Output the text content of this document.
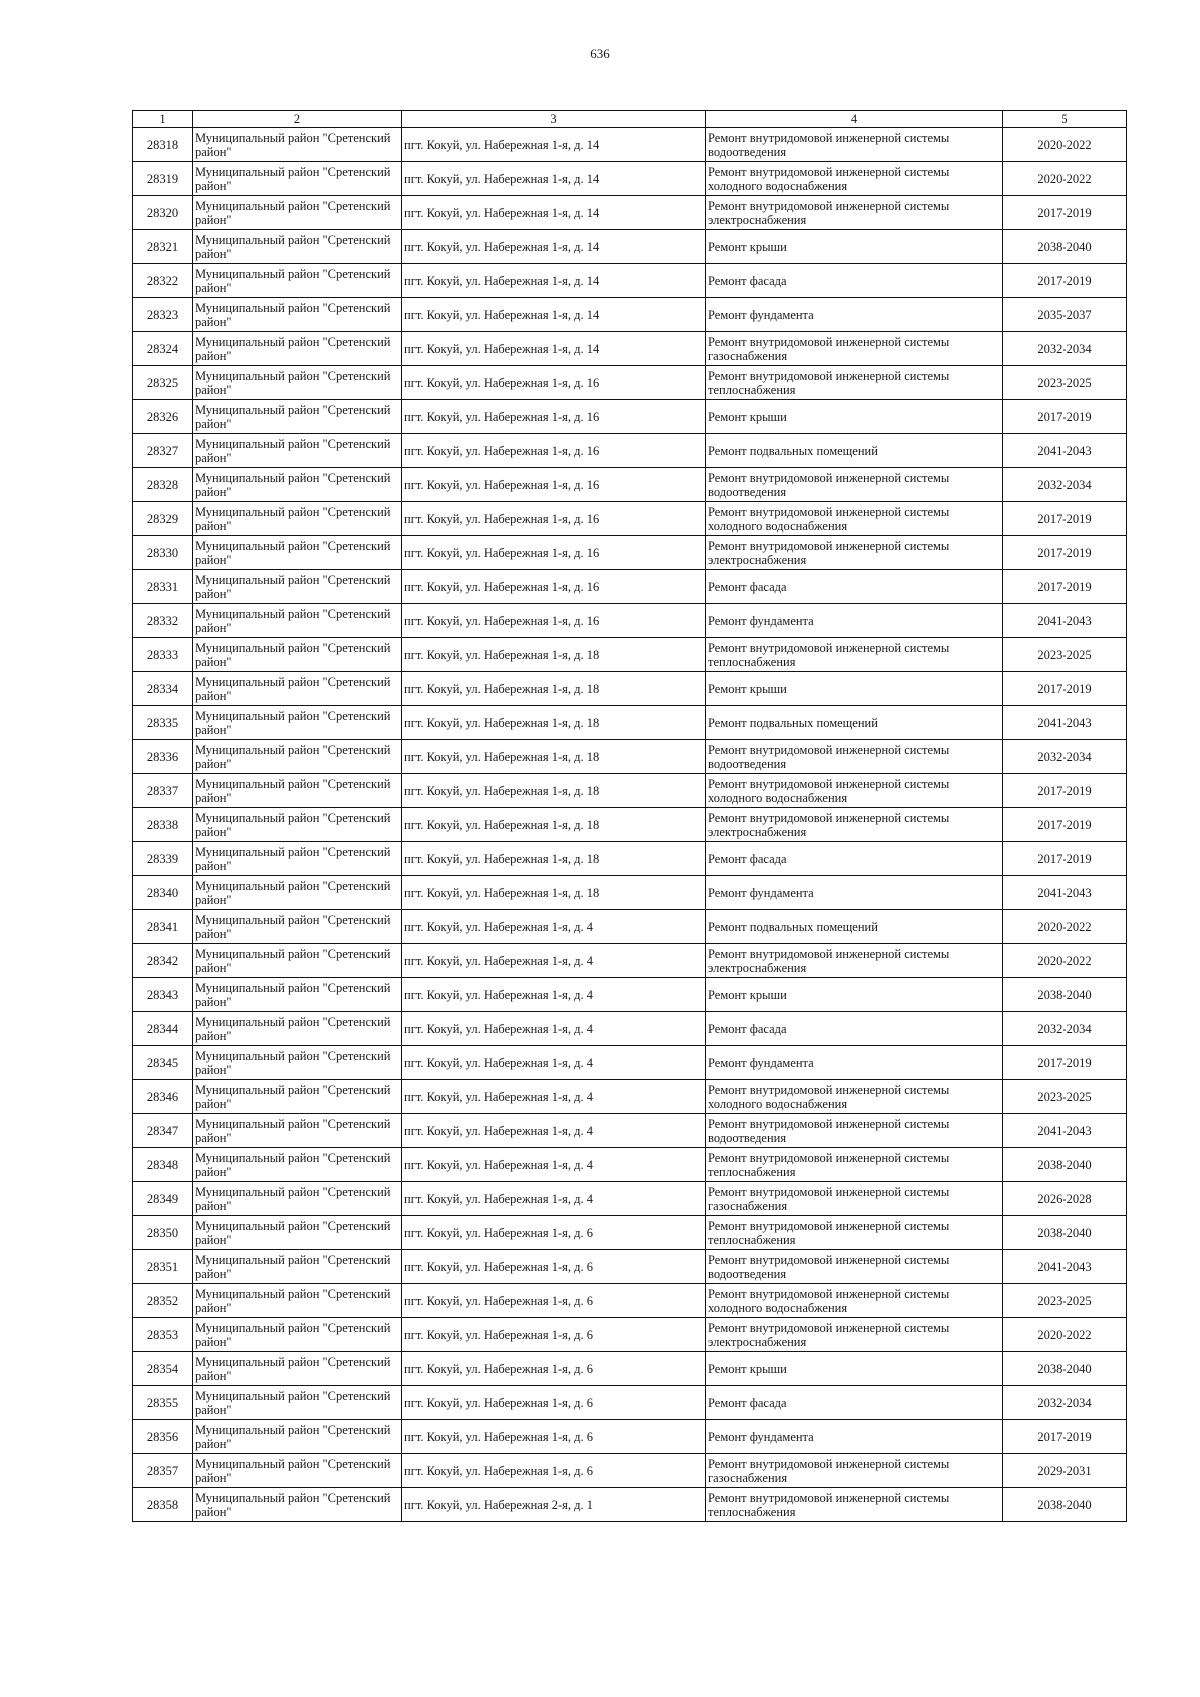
636
1	2	3	4	5
28318	Муниципальный район "Сретенский район"	пгт. Кокуй, ул. Набережная 1-я, д. 14	Ремонт внутридомовой инженерной системы водоотведения	2020-2022
28319	Муниципальный район "Сретенский район"	пгт. Кокуй, ул. Набережная 1-я, д. 14	Ремонт внутридомовой инженерной системы холодного водоснабжения	2020-2022
28320	Муниципальный район "Сретенский район"	пгт. Кокуй, ул. Набережная 1-я, д. 14	Ремонт внутридомовой инженерной системы электроснабжения	2017-2019
28321	Муниципальный район "Сретенский район"	пгт. Кокуй, ул. Набережная 1-я, д. 14	Ремонт крыши	2038-2040
28322	Муниципальный район "Сретенский район"	пгт. Кокуй, ул. Набережная 1-я, д. 14	Ремонт фасада	2017-2019
28323	Муниципальный район "Сретенский район"	пгт. Кокуй, ул. Набережная 1-я, д. 14	Ремонт фундамента	2035-2037
28324	Муниципальный район "Сретенский район"	пгт. Кокуй, ул. Набережная 1-я, д. 14	Ремонт внутридомовой инженерной системы газоснабжения	2032-2034
28325	Муниципальный район "Сретенский район"	пгт. Кокуй, ул. Набережная 1-я, д. 16	Ремонт внутридомовой инженерной системы теплоснабжения	2023-2025
28326	Муниципальный район "Сретенский район"	пгт. Кокуй, ул. Набережная 1-я, д. 16	Ремонт крыши	2017-2019
28327	Муниципальный район "Сретенский район"	пгт. Кокуй, ул. Набережная 1-я, д. 16	Ремонт подвальных помещений	2041-2043
28328	Муниципальный район "Сретенский район"	пгт. Кокуй, ул. Набережная 1-я, д. 16	Ремонт внутридомовой инженерной системы водоотведения	2032-2034
28329	Муниципальный район "Сретенский район"	пгт. Кокуй, ул. Набережная 1-я, д. 16	Ремонт внутридомовой инженерной системы холодного водоснабжения	2017-2019
28330	Муниципальный район "Сретенский район"	пгт. Кокуй, ул. Набережная 1-я, д. 16	Ремонт внутридомовой инженерной системы электроснабжения	2017-2019
28331	Муниципальный район "Сретенский район"	пгт. Кокуй, ул. Набережная 1-я, д. 16	Ремонт фасада	2017-2019
28332	Муниципальный район "Сретенский район"	пгт. Кокуй, ул. Набережная 1-я, д. 16	Ремонт фундамента	2041-2043
28333	Муниципальный район "Сретенский район"	пгт. Кокуй, ул. Набережная 1-я, д. 18	Ремонт внутридомовой инженерной системы теплоснабжения	2023-2025
28334	Муниципальный район "Сретенский район"	пгт. Кокуй, ул. Набережная 1-я, д. 18	Ремонт крыши	2017-2019
28335	Муниципальный район "Сретенский район"	пгт. Кокуй, ул. Набережная 1-я, д. 18	Ремонт подвальных помещений	2041-2043
28336	Муниципальный район "Сретенский район"	пгт. Кокуй, ул. Набережная 1-я, д. 18	Ремонт внутридомовой инженерной системы водоотведения	2032-2034
28337	Муниципальный район "Сретенский район"	пгт. Кокуй, ул. Набережная 1-я, д. 18	Ремонт внутридомовой инженерной системы холодного водоснабжения	2017-2019
28338	Муниципальный район "Сретенский район"	пгт. Кокуй, ул. Набережная 1-я, д. 18	Ремонт внутридомовой инженерной системы электроснабжения	2017-2019
28339	Муниципальный район "Сретенский район"	пгт. Кокуй, ул. Набережная 1-я, д. 18	Ремонт фасада	2017-2019
28340	Муниципальный район "Сретенский район"	пгт. Кокуй, ул. Набережная 1-я, д. 18	Ремонт фундамента	2041-2043
28341	Муниципальный район "Сретенский район"	пгт. Кокуй, ул. Набережная 1-я, д. 4	Ремонт подвальных помещений	2020-2022
28342	Муниципальный район "Сретенский район"	пгт. Кокуй, ул. Набережная 1-я, д. 4	Ремонт внутридомовой инженерной системы электроснабжения	2020-2022
28343	Муниципальный район "Сретенский район"	пгт. Кокуй, ул. Набережная 1-я, д. 4	Ремонт крыши	2038-2040
28344	Муниципальный район "Сретенский район"	пгт. Кокуй, ул. Набережная 1-я, д. 4	Ремонт фасада	2032-2034
28345	Муниципальный район "Сретенский район"	пгт. Кокуй, ул. Набережная 1-я, д. 4	Ремонт фундамента	2017-2019
28346	Муниципальный район "Сретенский район"	пгт. Кокуй, ул. Набережная 1-я, д. 4	Ремонт внутридомовой инженерной системы холодного водоснабжения	2023-2025
28347	Муниципальный район "Сретенский район"	пгт. Кокуй, ул. Набережная 1-я, д. 4	Ремонт внутридомовой инженерной системы водоотведения	2041-2043
28348	Муниципальный район "Сретенский район"	пгт. Кокуй, ул. Набережная 1-я, д. 4	Ремонт внутридомовой инженерной системы теплоснабжения	2038-2040
28349	Муниципальный район "Сретенский район"	пгт. Кокуй, ул. Набережная 1-я, д. 4	Ремонт внутридомовой инженерной системы газоснабжения	2026-2028
28350	Муниципальный район "Сретенский район"	пгт. Кокуй, ул. Набережная 1-я, д. 6	Ремонт внутридомовой инженерной системы теплоснабжения	2038-2040
28351	Муниципальный район "Сретенский район"	пгт. Кокуй, ул. Набережная 1-я, д. 6	Ремонт внутридомовой инженерной системы водоотведения	2041-2043
28352	Муниципальный район "Сретенский район"	пгт. Кокуй, ул. Набережная 1-я, д. 6	Ремонт внутридомовой инженерной системы холодного водоснабжения	2023-2025
28353	Муниципальный район "Сретенский район"	пгт. Кокуй, ул. Набережная 1-я, д. 6	Ремонт внутридомовой инженерной системы электроснабжения	2020-2022
28354	Муниципальный район "Сретенский район"	пгт. Кокуй, ул. Набережная 1-я, д. 6	Ремонт крыши	2038-2040
28355	Муниципальный район "Сретенский район"	пгт. Кокуй, ул. Набережная 1-я, д. 6	Ремонт фасада	2032-2034
28356	Муниципальный район "Сретенский район"	пгт. Кокуй, ул. Набережная 1-я, д. 6	Ремонт фундамента	2017-2019
28357	Муниципальный район "Сретенский район"	пгт. Кокуй, ул. Набережная 1-я, д. 6	Ремонт внутридомовой инженерной системы газоснабжения	2029-2031
28358	Муниципальный район "Сретенский район"	пгт. Кокуй, ул. Набережная 2-я, д. 1	Ремонт внутридомовой инженерной системы теплоснабжения	2038-2040
